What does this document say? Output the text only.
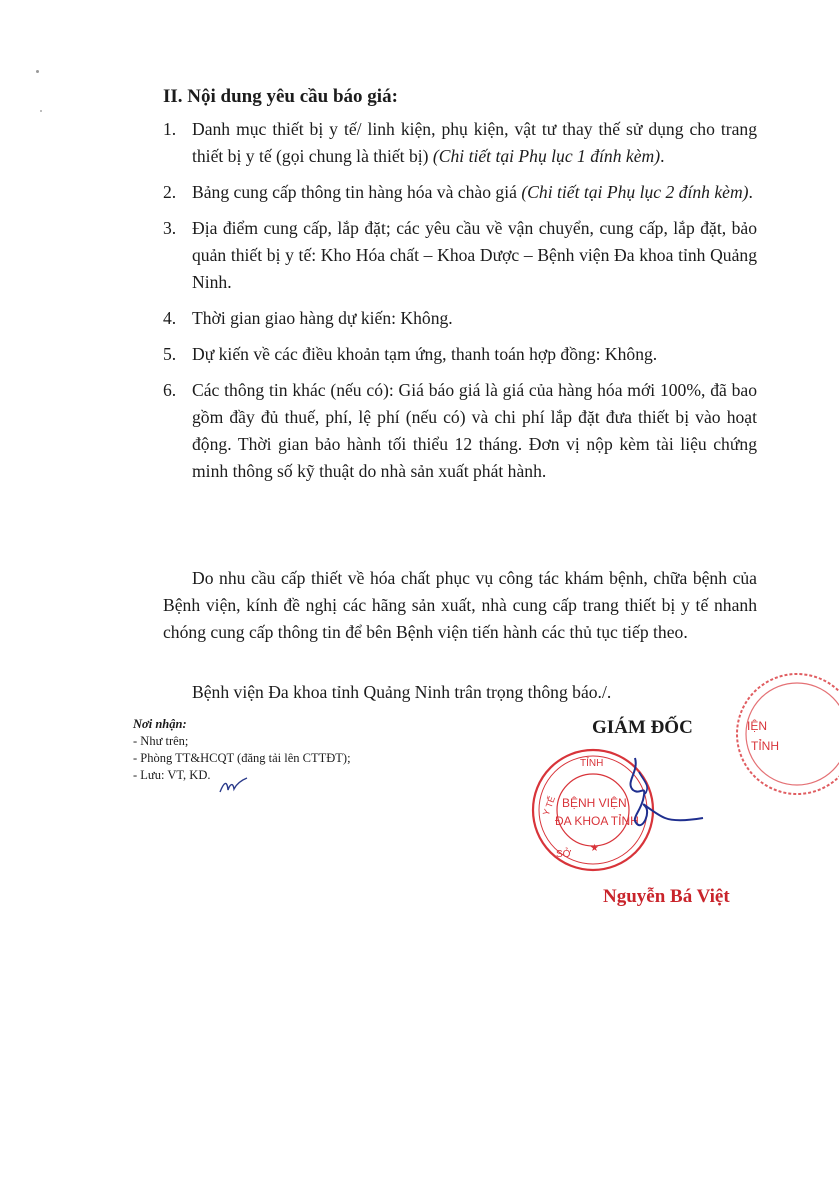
II. Nội dung yêu cầu báo giá:
1. Danh mục thiết bị y tế/ linh kiện, phụ kiện, vật tư thay thế sử dụng cho trang thiết bị y tế (gọi chung là thiết bị) (Chi tiết tại Phụ lục 1 đính kèm).
2. Bảng cung cấp thông tin hàng hóa và chào giá (Chi tiết tại Phụ lục 2 đính kèm).
3. Địa điểm cung cấp, lắp đặt; các yêu cầu về vận chuyển, cung cấp, lắp đặt, bảo quản thiết bị y tế: Kho Hóa chất – Khoa Dược – Bệnh viện Đa khoa tỉnh Quảng Ninh.
4. Thời gian giao hàng dự kiến: Không.
5. Dự kiến về các điều khoản tạm ứng, thanh toán hợp đồng: Không.
6. Các thông tin khác (nếu có): Giá báo giá là giá của hàng hóa mới 100%, đã bao gồm đầy đủ thuế, phí, lệ phí (nếu có) và chi phí lắp đặt đưa thiết bị vào hoạt động. Thời gian bảo hành tối thiểu 12 tháng. Đơn vị nộp kèm tài liệu chứng minh thông số kỹ thuật do nhà sản xuất phát hành.
Do nhu cầu cấp thiết về hóa chất phục vụ công tác khám bệnh, chữa bệnh của Bệnh viện, kính đề nghị các hãng sản xuất, nhà cung cấp trang thiết bị y tế nhanh chóng cung cấp thông tin để bên Bệnh viện tiến hành các thủ tục tiếp theo.
Bệnh viện Đa khoa tỉnh Quảng Ninh trân trọng thông báo./.
Nơi nhận:
- Như trên;
- Phòng TT&HCQT (đăng tải lên CTTĐT);
- Lưu: VT, KD.
GIÁM ĐỐC	IỆN
TỈNH
TỈNH
Y TẾ
SỞ
BỆNH VIỆN
ĐA KHOA TỈNH
★
Nguyễn Bá Việt
